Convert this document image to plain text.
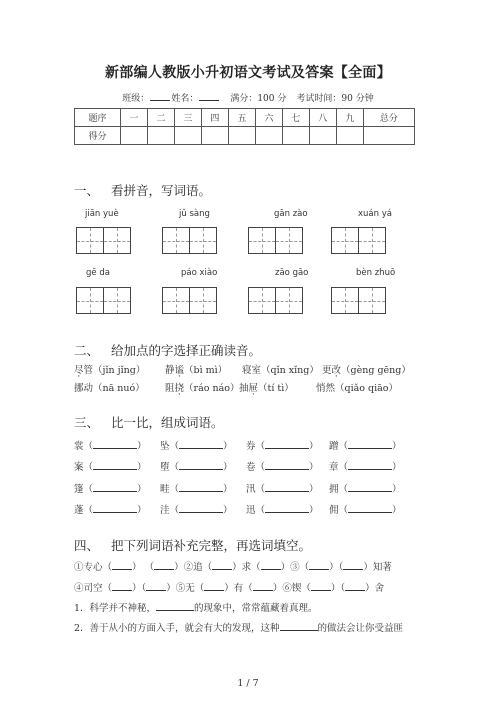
新部编人教版小升初语文考试及答案【全面】
班级： 姓名：	满分：100 分 考试时间：90 分钟
题序	一	二	三	四	五	六	七	八	九	总分
得分										
一、 看拼音，写词语。
jiān yuè	jǔ sàng	gān zào	xuán yá
gē da	páo xiào	zāo gāo	bèn zhuō
二、 给加点的字选择正确读音。
尽管（jǐn jǐng） 静谧（bì mì） 寝室（qǐn xǐng） 更改（gèng gēng）
挪动（nā nuó） 阻挠（ráo náo）抽屉（tí tì） 悄然（qiǎo qiāo）
三、 比一比，组成词语。
裳（	） 坠（	） 券（	） 蹭（	）
案（	） 堕（	） 卷（	） 章（	）
篷（	） 畦（	） 汛（	） 拥（	）
蓬（	） 洼（	） 迅（	） 佣（	）
四、 把下列词语补充完整，再选词填空。
①专心（ ） （ ）②追（ ）求（ ）③（ ）（ ）知著
④司空（ ）（ ）⑤无（ ）有（ ）⑥锲（ ）（ ）舍
1．科学并不神秘，	的现象中，常常蕴藏着真理。
2．善于从小的方面入手，就会有大的发现，这种	的做法会让你受益匪
1 / 7
